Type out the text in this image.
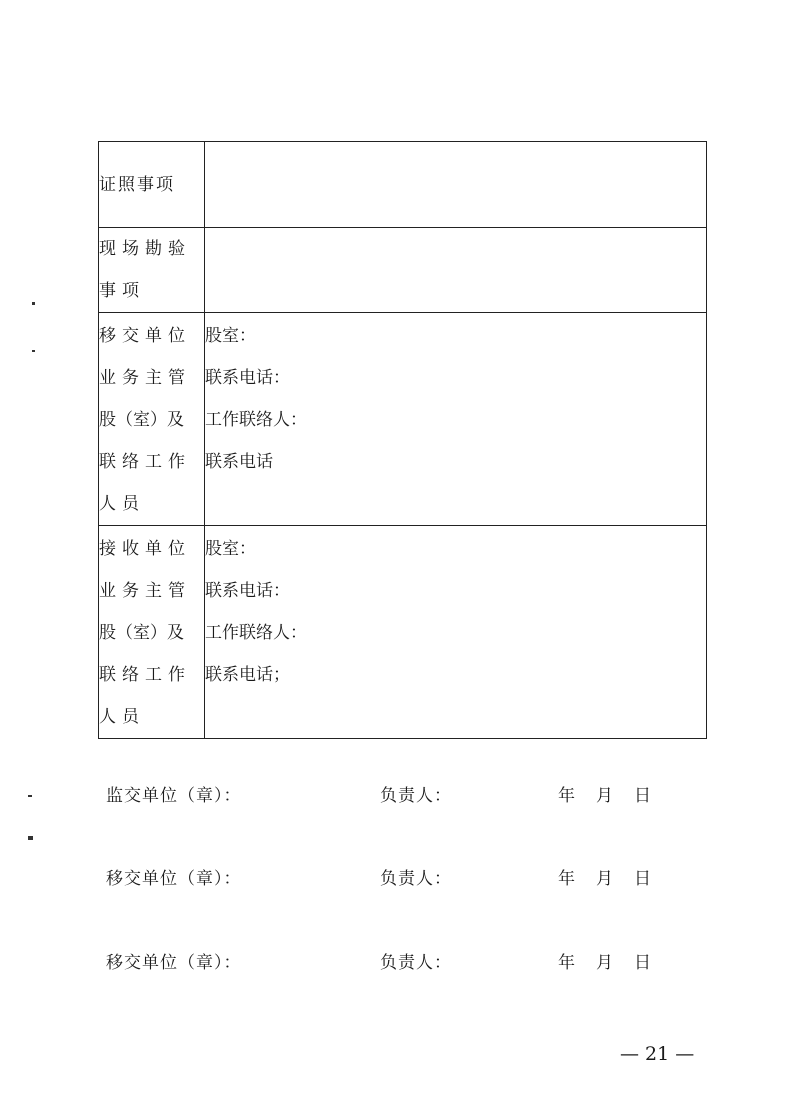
证照事项	

现场勘验
事项	

移交单位
业务主管
股（室）及
联络工作
人员	股室：
联系电话：
工作联络人：
联系电话

接收单位
业务主管
股（室）及
联络工作
人员	股室：
联系电话：
工作联络人：
联系电话；
监交单位（章）：	负责人：	年 月 日
移交单位（章）：	负责人：	年 月 日
移交单位（章）：	负责人：	年 月 日
— 21 —
